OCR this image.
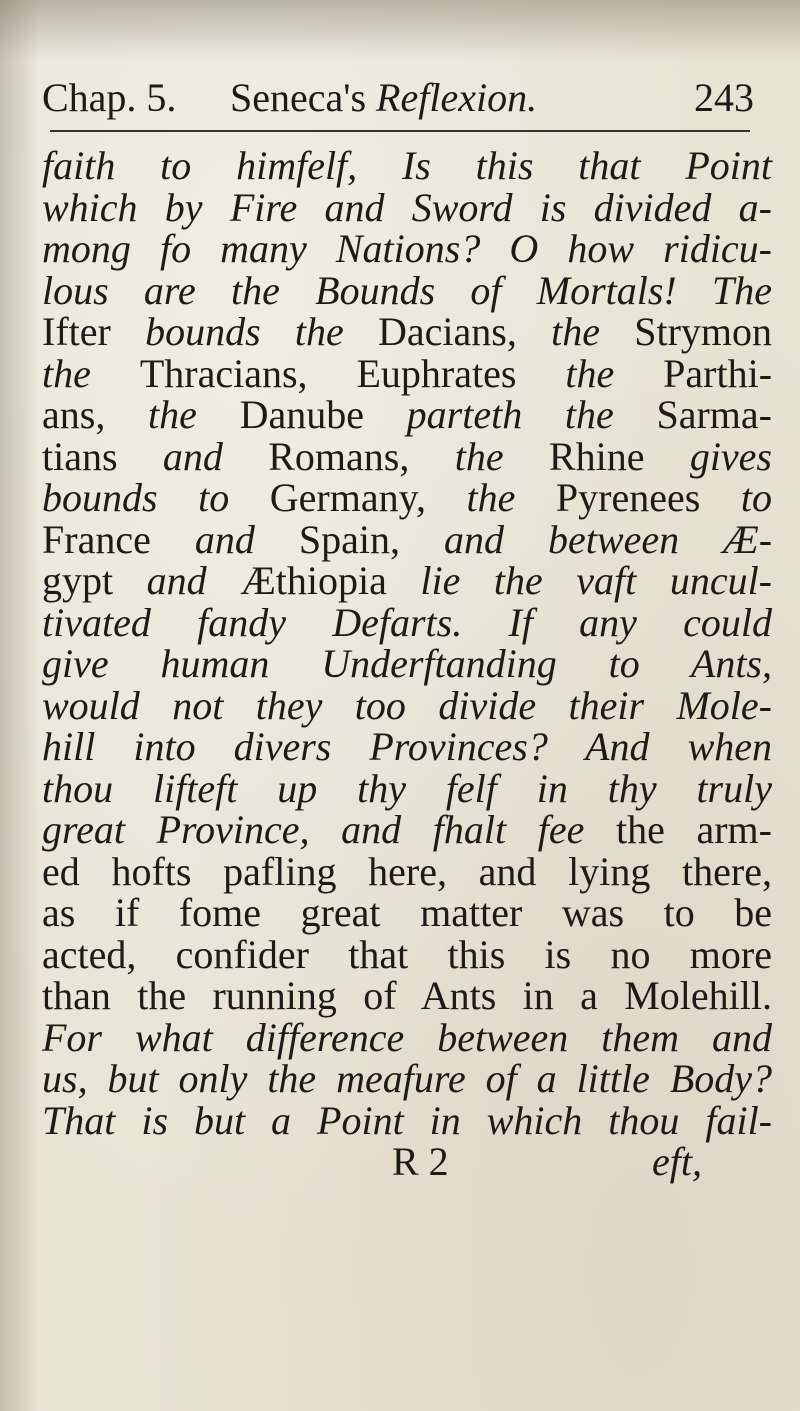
Chap. 5. Seneca's Reflexion.	243
faith to himfelf, Is this that Point
which by Fire and Sword is divided a-
mong fo many Nations? O how ridicu-
lous are the Bounds of Mortals! The
Ifter bounds the Dacians, the Strymon
the Thracians, Euphrates the Parthi-
ans, the Danube parteth the Sarma-
tians and Romans, the Rhine gives
bounds to Germany, the Pyrenees to
France and Spain, and between Æ-
gypt and Æthiopia lie the vaft uncul-
tivated fandy Defarts. If any could
give human Underftanding to Ants,
would not they too divide their Mole-
hill into divers Provinces? And when
thou lifteft up thy felf in thy truly
great Province, and fhalt fee the arm-
ed hofts pafling here, and lying there,
as if fome great matter was to be
acted, confider that this is no more
than the running of Ants in a Molehill.
For what difference between them and
us, but only the meafure of a little Body?
That is but a Point in which thou fail-
R 2	eft,
